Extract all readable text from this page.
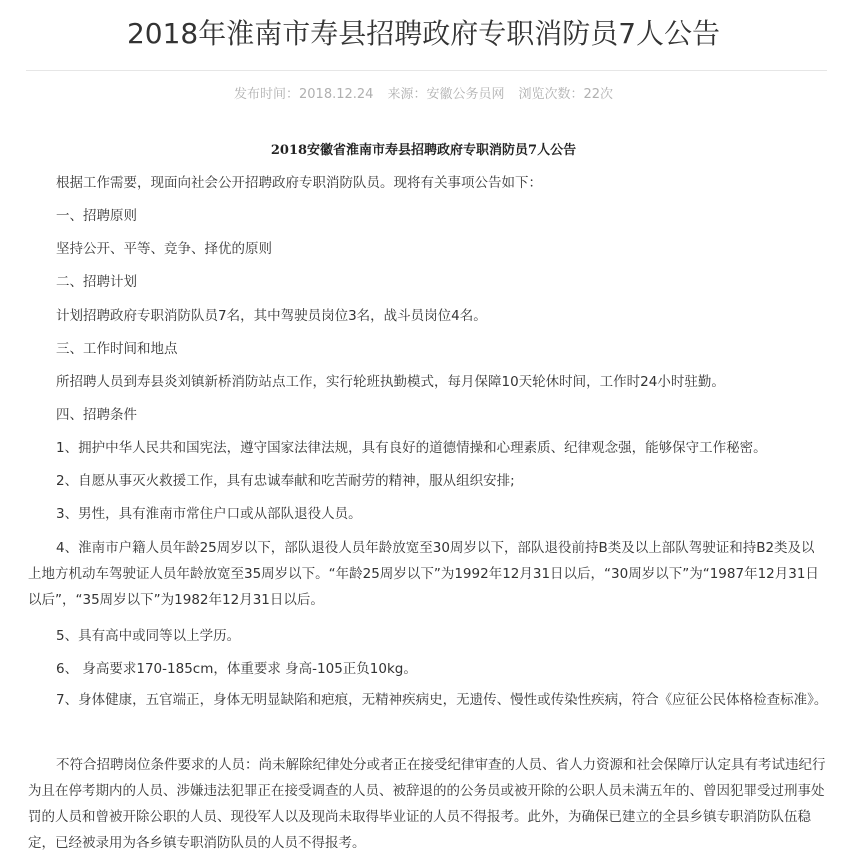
2018年淮南市寿县招聘政府专职消防员7人公告
发布时间：2018.12.24 来源：安徽公务员网 浏览次数：22次
2018安徽省淮南市寿县招聘政府专职消防员7人公告
根据工作需要，现面向社会公开招聘政府专职消防队员。现将有关事项公告如下：
一、招聘原则
坚持公开、平等、竞争、择优的原则
二、招聘计划
计划招聘政府专职消防队员7名，其中驾驶员岗位3名，战斗员岗位4名。
三、工作时间和地点
所招聘人员到寿县炎刘镇新桥消防站点工作，实行轮班执勤模式，每月保障10天轮休时间，工作时24小时驻勤。
四、招聘条件
1、拥护中华人民共和国宪法，遵守国家法律法规，具有良好的道德情操和心理素质、纪律观念强，能够保守工作秘密。
2、自愿从事灭火救援工作，具有忠诚奉献和吃苦耐劳的精神，服从组织安排;
3、男性，具有淮南市常住户口或从部队退役人员。
4、淮南市户籍人员年龄25周岁以下，部队退役人员年龄放宽至30周岁以下，部队退役前持B类及以上部队驾驶证和持B2类及以上地方机动车驾驶证人员年龄放宽至35周岁以下。“年龄25周岁以下”为1992年12月31日以后，“30周岁以下”为“1987年12月31日以后”，“35周岁以下”为1982年12月31日以后。
5、具有高中或同等以上学历。
6、 身高要求170-185cm，体重要求 身高-105正负10kg。
7、身体健康，五官端正，身体无明显缺陷和疤痕，无精神疾病史，无遗传、慢性或传染性疾病，符合《应征公民体格检查标准》。
不符合招聘岗位条件要求的人员：尚未解除纪律处分或者正在接受纪律审查的人员、省人力资源和社会保障厅认定具有考试违纪行为且在停考期内的人员、涉嫌违法犯罪正在接受调查的人员、被辞退的的公务员或被开除的公职人员未满五年的、曾因犯罪受过刑事处罚的人员和曾被开除公职的人员、现役军人以及现尚未取得毕业证的人员不得报考。此外，为确保已建立的全县乡镇专职消防队伍稳定，已经被录用为各乡镇专职消防队员的人员不得报考。
